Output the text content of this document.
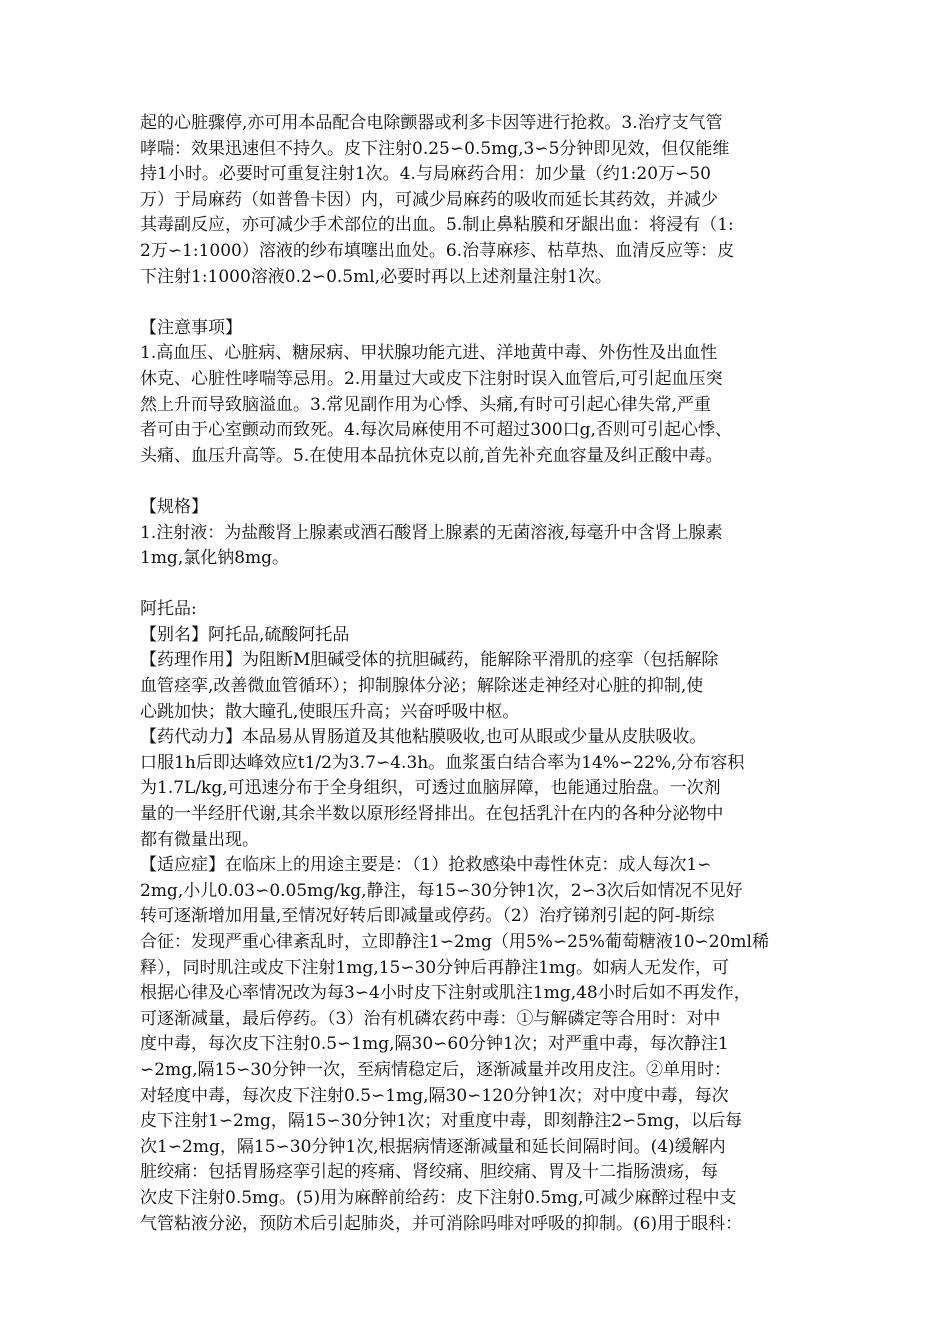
起的心脏骤停,亦可用本品配合电除颤器或利多卡因等进行抢救。3.治疗支气管

哮喘：效果迅速但不持久。皮下注射0.25∽0.5mg,3∽5分钟即见效，但仅能维

持1小时。必要时可重复注射1次。4.与局麻药合用：加少量（约1:20万∽50

万）于局麻药（如普鲁卡因）内，可减少局麻药的吸收而延长其药效，并减少

其毒副反应，亦可减少手术部位的出血。5.制止鼻粘膜和牙龈出血：将浸有（1:

2万∽1:1000）溶液的纱布填噻出血处。6.治荨麻疹、枯草热、血清反应等：皮

下注射1:1000溶液0.2∽0.5ml,必要时再以上述剂量注射1次。

【注意事项】

1.高血压、心脏病、糖尿病、甲状腺功能亢进、洋地黄中毒、外伤性及出血性

休克、心脏性哮喘等忌用。2.用量过大或皮下注射时误入血管后,可引起血压突

然上升而导致脑溢血。3.常见副作用为心悸、头痛,有时可引起心律失常,严重

者可由于心室颤动而致死。4.每次局麻使用不可超过300口g,否则可引起心悸、

头痛、血压升高等。5.在使用本品抗休克以前,首先补充血容量及纠正酸中毒。

【规格】

1.注射液：为盐酸肾上腺素或酒石酸肾上腺素的无菌溶液,每毫升中含肾上腺素

1mg,氯化钠8mg。

阿托品:

【别名】阿托品,硫酸阿托品

【药理作用】为阻断M胆碱受体的抗胆碱药，能解除平滑肌的痉挛（包括解除

血管痉挛,改善微血管循环）；抑制腺体分泌；解除迷走神经对心脏的抑制,使

心跳加快；散大瞳孔,使眼压升高；兴奋呼吸中枢。

【药代动力】本品易从胃肠道及其他粘膜吸收,也可从眼或少量从皮肤吸收。

口服1h后即达峰效应t1/2为3.7∽4.3h。血浆蛋白结合率为14%∽22%,分布容积

为1.7L/kg,可迅速分布于全身组织，可透过血脑屏障，也能通过胎盘。一次剂

量的一半经肝代谢,其余半数以原形经肾排出。在包括乳汁在内的各种分泌物中

都有微量出现。

【适应症】在临床上的用途主要是：（1）抢救感染中毒性休克：成人每次1∽

2mg,小儿0.03∽0.05mg/kg,静注，每15∽30分钟1次，2∽3次后如情况不见好

转可逐渐增加用量,至情况好转后即减量或停药。（2）治疗锑剂引起的阿-斯综

合征：发现严重心律紊乱时，立即静注1∽2mg（用5%∽25%葡萄糖液10∽20ml稀

释），同时肌注或皮下注射1mg,15∽30分钟后再静注1mg。如病人无发作，可

根据心律及心率情况改为每3∽4小时皮下注射或肌注1mg,48小时后如不再发作，

可逐渐减量，最后停药。（3）治有机磷农药中毒：①与解磷定等合用时：对中

度中毒，每次皮下注射0.5∽1mg,隔30∽60分钟1次；对严重中毒，每次静注1

∽2mg,隔15∽30分钟一次，至病情稳定后，逐渐减量并改用皮注。②单用时：

对轻度中毒，每次皮下注射0.5∽1mg,隔30∽120分钟1次；对中度中毒，每次

皮下注射1∽2mg，隔15∽30分钟1次；对重度中毒，即刻静注2∽5mg，以后每

次1∽2mg，隔15∽30分钟1次,根据病情逐渐减量和延长间隔时间。(4)缓解内

脏绞痛：包括胃肠痉挛引起的疼痛、肾绞痛、胆绞痛、胃及十二指肠溃疡，每

次皮下注射0.5mg。(5)用为麻醉前给药：皮下注射0.5mg,可减少麻醉过程中支

气管粘液分泌，预防术后引起肺炎，并可消除吗啡对呼吸的抑制。(6)用于眼科：
